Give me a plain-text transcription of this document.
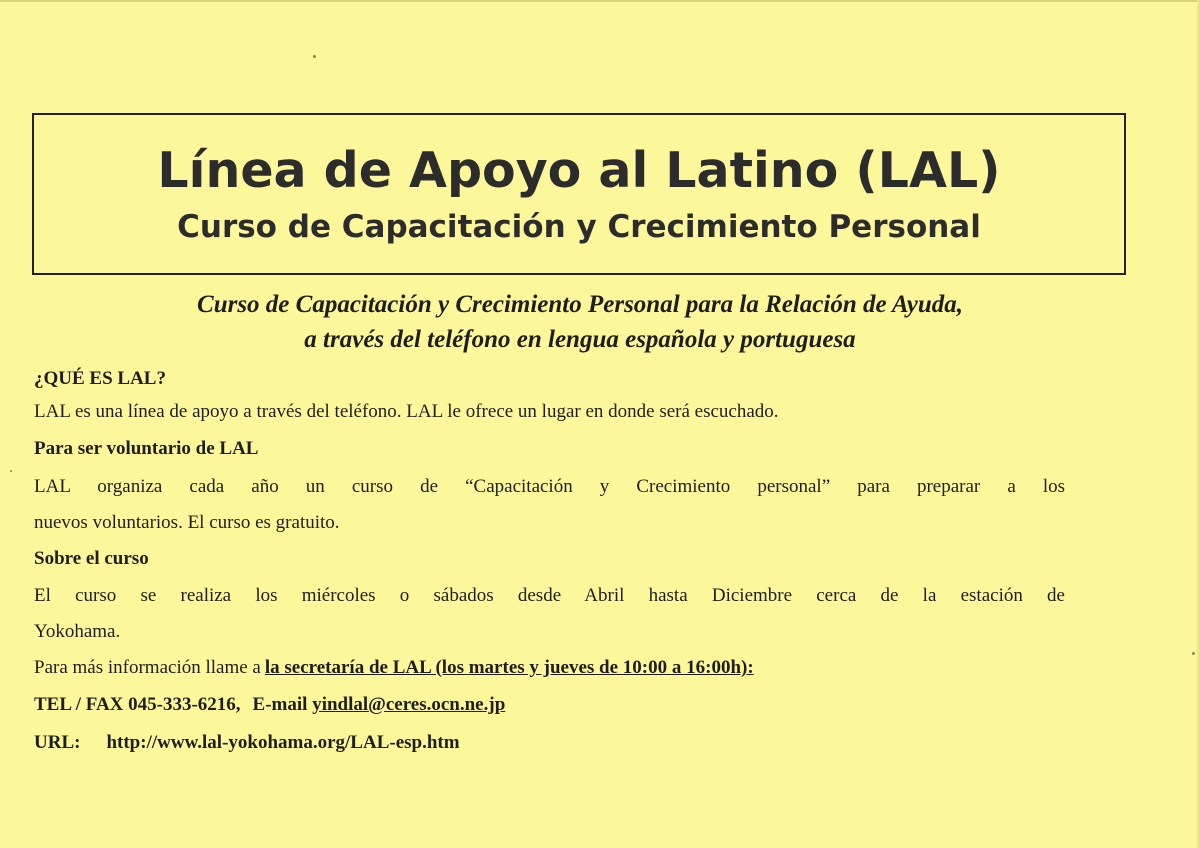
Línea de Apoyo al Latino (LAL)
Curso de Capacitación y Crecimiento Personal
Curso de Capacitación y Crecimiento Personal para la Relación de Ayuda,
a través del teléfono en lengua española y portuguesa
¿QUÉ ES LAL?
LAL es una línea de apoyo a través del teléfono. LAL le ofrece un lugar en donde será escuchado.
Para ser voluntario de LAL
LAL organiza cada año un curso de “Capacitación y Crecimiento personal” para preparar a los
nuevos voluntarios. El curso es gratuito.
Sobre el curso
El curso se realiza los miércoles o sábados desde Abril hasta Diciembre cerca de la estación de
Yokohama.
Para más información llame a la secretaría de LAL (los martes y jueves de 10:00 a 16:00h):
TEL / FAX 045-333-6216, E-mail yindlal@ceres.ocn.ne.jp
URL: http://www.lal-yokohama.org/LAL-esp.htm
